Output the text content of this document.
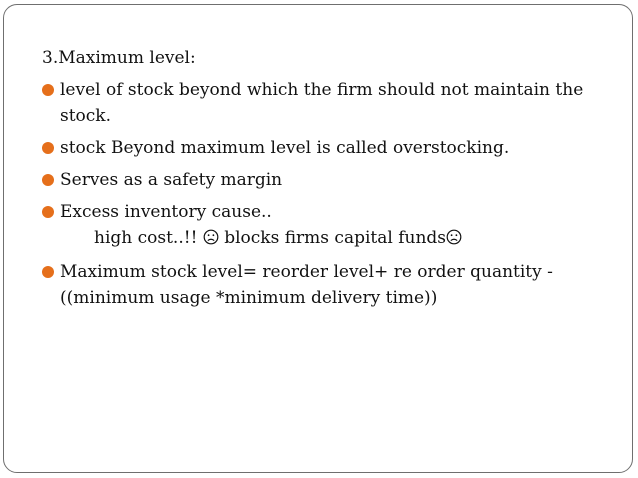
3.Maximum level:
level of stock beyond which the firm should not maintain the stock.
stock Beyond maximum level is called overstocking.
Serves as a safety margin
Excess inventory cause..
high cost..!!  blocks firms capital funds
Maximum stock level= reorder level+ re order quantity -((minimum usage *minimum delivery time))
